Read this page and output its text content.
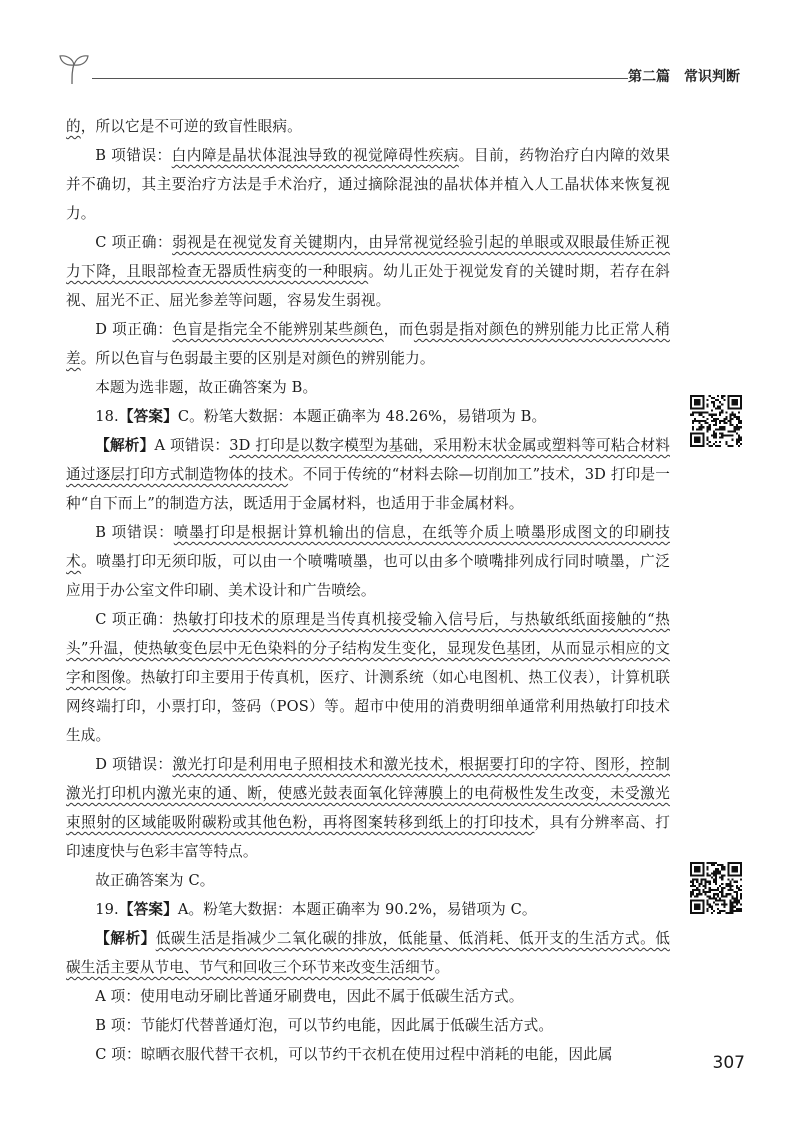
第二篇　常识判断

的，所以它是不可逆的致盲性眼病。

B 项错误：白内障是晶状体混浊导致的视觉障碍性疾病。目前，药物治疗白内障的效果并不确切，其主要治疗方法是手术治疗，通过摘除混浊的晶状体并植入人工晶状体来恢复视力。

C 项正确：弱视是在视觉发育关键期内，由异常视觉经验引起的单眼或双眼最佳矫正视力下降，且眼部检查无器质性病变的一种眼病。幼儿正处于视觉发育的关键时期，若存在斜视、屈光不正、屈光参差等问题，容易发生弱视。

D 项正确：色盲是指完全不能辨别某些颜色，而色弱是指对颜色的辨别能力比正常人稍差。所以色盲与色弱最主要的区别是对颜色的辨别能力。

本题为选非题，故正确答案为 B。

18.【答案】C。粉笔大数据：本题正确率为 48.26%，易错项为 B。

【解析】A 项错误：3D 打印是以数字模型为基础，采用粉末状金属或塑料等可粘合材料通过逐层打印方式制造物体的技术。不同于传统的“材料去除—切削加工”技术，3D 打印是一种“自下而上”的制造方法，既适用于金属材料，也适用于非金属材料。

B 项错误：喷墨打印是根据计算机输出的信息，在纸等介质上喷墨形成图文的印刷技术。喷墨打印无须印版，可以由一个喷嘴喷墨，也可以由多个喷嘴排列成行同时喷墨，广泛应用于办公室文件印刷、美术设计和广告喷绘。

C 项正确：热敏打印技术的原理是当传真机接受输入信号后，与热敏纸纸面接触的“热头”升温，使热敏变色层中无色染料的分子结构发生变化，显现发色基团，从而显示相应的文字和图像。热敏打印主要用于传真机，医疗、计测系统（如心电图机、热工仪表），计算机联网终端打印，小票打印，签码（POS）等。超市中使用的消费明细单通常利用热敏打印技术生成。

D 项错误：激光打印是利用电子照相技术和激光技术，根据要打印的字符、图形，控制激光打印机内激光束的通、断，使感光鼓表面氧化锌薄膜上的电荷极性发生改变，未受激光束照射的区域能吸附碳粉或其他色粉，再将图案转移到纸上的打印技术，具有分辨率高、打印速度快与色彩丰富等特点。

故正确答案为 C。

19.【答案】A。粉笔大数据：本题正确率为 90.2%，易错项为 C。

【解析】低碳生活是指减少二氧化碳的排放，低能量、低消耗、低开支的生活方式。低碳生活主要从节电、节气和回收三个环节来改变生活细节。

A 项：使用电动牙刷比普通牙刷费电，因此不属于低碳生活方式。

B 项：节能灯代替普通灯泡，可以节约电能，因此属于低碳生活方式。

C 项：晾晒衣服代替干衣机，可以节约干衣机在使用过程中消耗的电能，因此属	307
